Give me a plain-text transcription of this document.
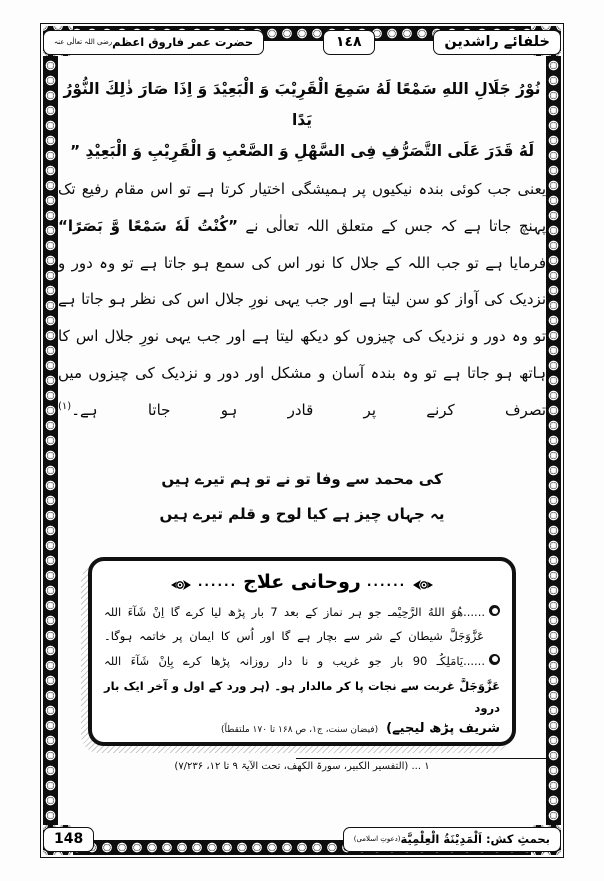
خلفائے راشدین
١٤٨
حضرت عمر فاروق اعظم
رضی اللہ تعالٰی عنہ
نُوْرُ جَلَالِ اللهِ سَمْعًا لَهُ سَمِعَ الْقَرِيْبَ وَ الْبَعِيْدَ وَ اِذَا صَارَ ذٰلِكَ النُّوْرُ يَدًا
لَهُ قَدَرَ عَلَى التَّصَرُّفِ فِى السَّهْلِ وَ الصَّعْبِ وَ الْقَرِيْبِ وَ الْبَعِيْدِ ”

یعنی جب کوئی بندہ نیکیوں پر ہمیشگی اختیار کرتا ہے تو اس مقام رفیع تک پہنچ جاتا ہے کہ جس کے متعلق اللہ تعالٰی نے ”کُنْتُ لَهٗ سَمْعًا وَّ بَصَرًا“ فرمایا ہے تو جب اللہ کے جلال کا نور اس کی سمع ہو جاتا ہے تو وہ دور و نزدیک کی آواز کو سن لیتا ہے اور جب یہی نورِ جلال اس کی نظر ہو جاتا ہے تو وہ دور و نزدیک کی چیزوں کو دیکھ لیتا ہے اور جب یہی نورِ جلال اس کا ہاتھ ہو جاتا ہے تو وہ بندہ آسان و مشکل اور دور و نزدیک کی چیزوں میں تصرف کرنے پر قادر ہو جاتا ہے۔$^{(۱)}$

کی محمد سے وفا تو نے تو ہم تیرے ہیں
یہ جہاں چیز ہے کیا لوح و قلم تیرے ہیں
......
روحانی علاج
......
......هُوَ اللهُ الرَّحِیْمـ جو ہر نماز کے بعد 7 بار پڑھ لیا کرے گا اِنْ شَآءَ اللہ
عَزَّوَجَلَّ شیطان کے شر سے بچار ہے گا اور اُس کا ایمان پر خاتمہ ہوگا۔
......یَامَلِکُـ 90 بار جو غریب و نا دار روزانہ پڑھا کرے بِاِنْ شَآءَ اللہ
عَزَّوَجَلَّ غربت سے نجات پا کر مالدار ہو۔ (ہر ورد کے اول و آخر ایک بار درود
شریف پڑھ لیجیے)
(فیضان سنت، ج۱، ص ۱۶۸ تا ۱۷۰ ملتقطاً)
۱ ... (التفسیر الکبیر، سورۃ الکھف، تحت الآیۃ ۹ تا ۱۲، ۷/۲۳۶)
بحمثِ کش:

اَلْمَدِیْنَةُ الْعِلْمِیَّة
(دعوتِ اسلامی)
148
